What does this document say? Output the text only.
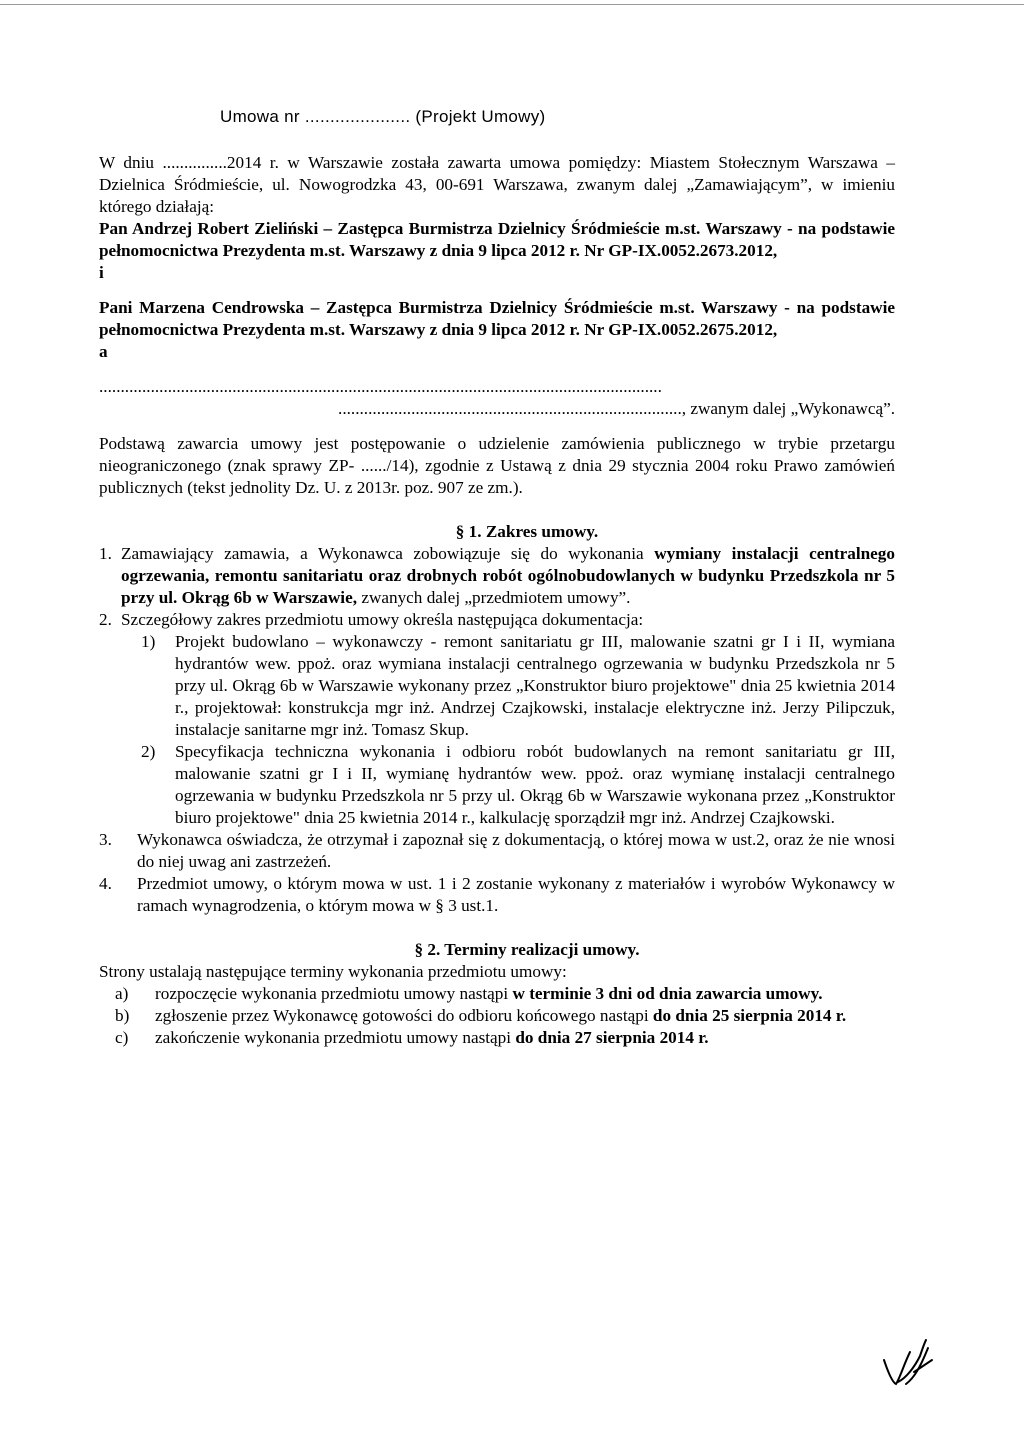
Umowa nr ..................... (Projekt Umowy)

W dniu ...............2014 r. w Warszawie została zawarta umowa pomiędzy: Miastem Stołecznym Warszawa – Dzielnica Śródmieście, ul. Nowogrodzka 43, 00-691 Warszawa, zwanym dalej „Zamawiającym”, w imieniu którego działają:

Pan Andrzej Robert Zieliński – Zastępca Burmistrza Dzielnicy Śródmieście m.st. Warszawy - na podstawie pełnomocnictwa Prezydenta m.st. Warszawy z dnia 9 lipca 2012 r. Nr GP-IX.0052.2673.2012,

i

Pani Marzena Cendrowska – Zastępca Burmistrza Dzielnicy Śródmieście m.st. Warszawy - na podstawie pełnomocnictwa Prezydenta m.st. Warszawy z dnia 9 lipca 2012 r. Nr GP-IX.0052.2675.2012,

a

...................................................................................................................................

................................................................................, zwanym dalej „Wykonawcą”.

Podstawą zawarcia umowy jest postępowanie o udzielenie zamówienia publicznego w trybie przetargu nieograniczonego (znak sprawy ZP- ....../14), zgodnie z Ustawą z dnia 29 stycznia 2004 roku Prawo zamówień publicznych (tekst jednolity Dz. U. z 2013r. poz. 907 ze zm.).

§ 1. Zakres umowy.
1. Zamawiający zamawia, a Wykonawca zobowiązuje się do wykonania wymiany instalacji centralnego ogrzewania, remontu sanitariatu oraz drobnych robót ogólnobudowlanych w budynku Przedszkola nr 5 przy ul. Okrąg 6b w Warszawie, zwanych dalej „przedmiotem umowy”.
2. Szczegółowy zakres przedmiotu umowy określa następująca dokumentacja:
1)	Projekt budowlano – wykonawczy - remont sanitariatu gr III, malowanie szatni gr I i II, wymiana hydrantów wew. ppoż. oraz wymiana instalacji centralnego ogrzewania w budynku Przedszkola nr 5 przy ul. Okrąg 6b w Warszawie wykonany przez „Konstruktor biuro projektowe" dnia 25 kwietnia 2014 r., projektował: konstrukcja mgr inż. Andrzej Czajkowski, instalacje elektryczne inż. Jerzy Pilipczuk, instalacje sanitarne mgr inż. Tomasz Skup.
2)	Specyfikacja techniczna wykonania i odbioru robót budowlanych na remont sanitariatu gr III, malowanie szatni gr I i II, wymianę hydrantów wew. ppoż. oraz wymianę instalacji centralnego ogrzewania w budynku Przedszkola nr 5 przy ul. Okrąg 6b w Warszawie wykonana przez „Konstruktor biuro projektowe" dnia 25 kwietnia 2014 r., kalkulację sporządził mgr inż. Andrzej Czajkowski.
3.	Wykonawca oświadcza, że otrzymał i zapoznał się z dokumentacją, o której mowa w ust.2, oraz że nie wnosi do niej uwag ani zastrzeżeń.
4.	Przedmiot umowy, o którym mowa w ust. 1 i 2 zostanie wykonany z materiałów i wyrobów Wykonawcy w ramach wynagrodzenia, o którym mowa w § 3 ust.1.
§ 2. Terminy realizacji umowy.

Strony ustalają następujące terminy wykonania przedmiotu umowy:

a)	rozpoczęcie wykonania przedmiotu umowy nastąpi w terminie 3 dni od dnia zawarcia umowy.
b)	zgłoszenie przez Wykonawcę gotowości do odbioru końcowego nastąpi do dnia 25 sierpnia 2014 r.
c)	zakończenie wykonania przedmiotu umowy nastąpi do dnia 27 sierpnia 2014 r.
